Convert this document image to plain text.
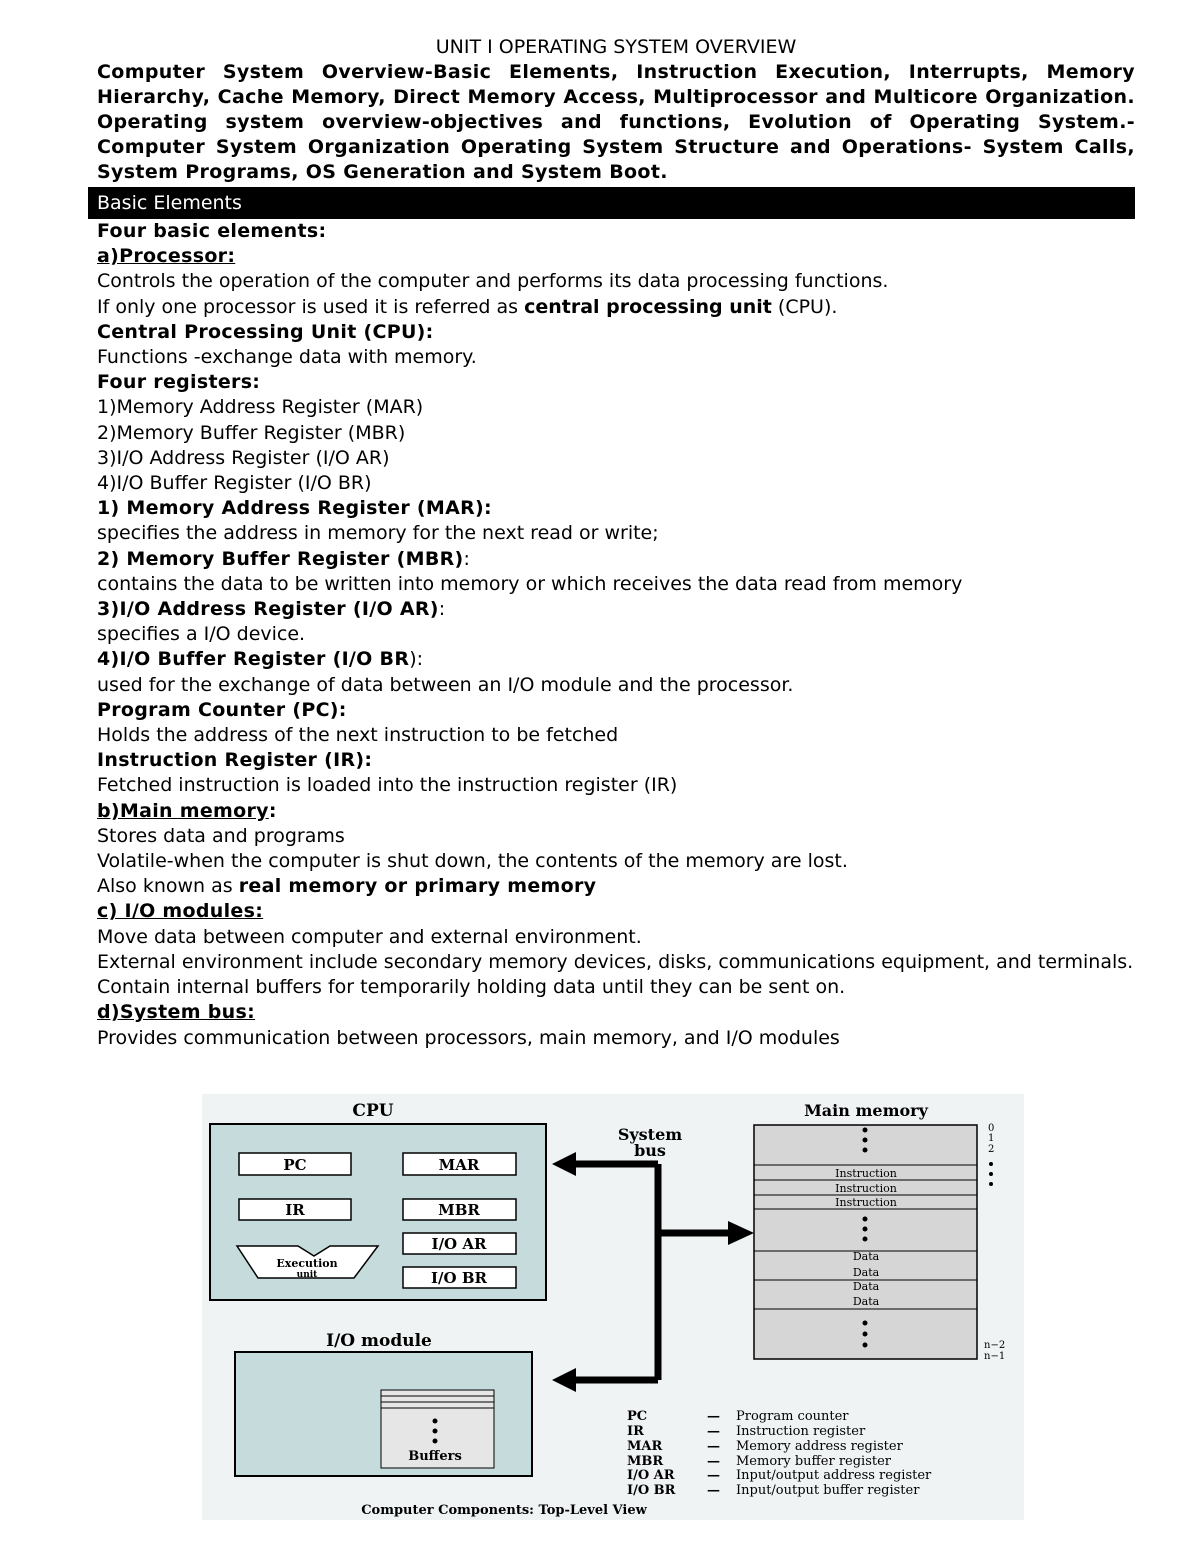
UNIT I OPERATING SYSTEM OVERVIEW

Computer System Overview-Basic Elements, Instruction Execution, Interrupts, Memory Hierarchy, Cache Memory, Direct Memory Access, Multiprocessor and Multicore Organization. Operating system overview-objectives and functions, Evolution of Operating System.- Computer System Organization Operating System Structure and Operations- System Calls, System Programs, OS Generation and System Boot.

Basic Elements

Four basic elements:

a)Processor:

Controls the operation of the computer and performs its data processing functions.

If only one processor is used it is referred as central processing unit (CPU).

Central Processing Unit (CPU):

Functions -exchange data with memory.

Four registers:

1)Memory Address Register (MAR)

2)Memory Buffer Register (MBR)

3)I/O Address Register (I/O AR)

4)I/O Buffer Register (I/O BR)

1) Memory Address Register (MAR):

specifies the address in memory for the next read or write;

2) Memory Buffer Register (MBR):

contains the data to be written into memory or which receives the data read from memory

3)I/O Address Register (I/O AR):

specifies a I/O device.

4)I/O Buffer Register (I/O BR):

used for the exchange of data between an I/O module and the processor.

Program Counter (PC):

Holds the address of the next instruction to be fetched

Instruction Register (IR):

Fetched instruction is loaded into the instruction register (IR)

b)Main memory:

Stores data and programs

Volatile-when the computer is shut down, the contents of the memory are lost.

Also known as real memory or primary memory

c) I/O modules:

Move data between computer and external environment.

External environment include secondary memory devices, disks, communications equipment, and terminals.

Contain internal buffers for temporarily holding data until they can be sent on.

d)System bus:

Provides communication between processors, main memory, and I/O modules

CPU
PC	MAR
IR	MBR
I/O AR
I/O BR
Execution
unit
I/O module
Buffers
System
bus
Main memory
Instruction
Instruction
Instruction
Data
Data
Data
Data
0
1
2
n−2
n−1
PC	— Program counter
IR	— Instruction register
MAR	— Memory address register
MBR	— Memory buffer register
I/O AR — Input/output address register
I/O BR — Input/output buffer register
Computer Components: Top-Level View
